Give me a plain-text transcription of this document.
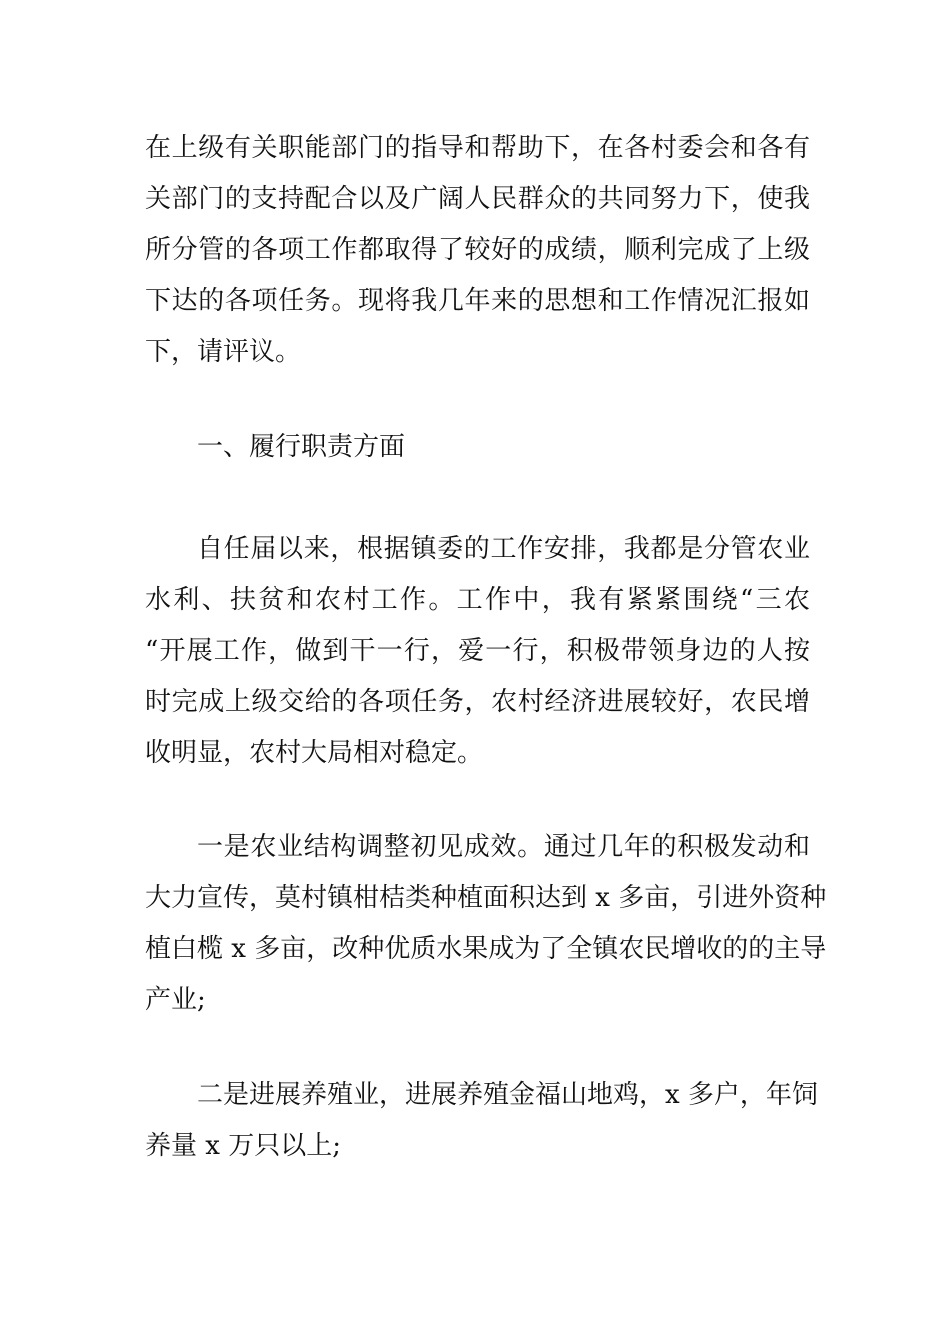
在上级有关职能部门的指导和帮助下，在各村委会和各有
关部门的支持配合以及广阔人民群众的共同努力下，使我
所分管的各项工作都取得了较好的成绩，顺利完成了上级
下达的各项任务。现将我几年来的思想和工作情况汇报如
下，请评议。
一、履行职责方面
自任届以来，根据镇委的工作安排，我都是分管农业
水利、扶贫和农村工作。工作中，我有紧紧围绕“三农
“开展工作，做到干一行，爱一行，积极带领身边的人按
时完成上级交给的各项任务，农村经济进展较好，农民增
收明显，农村大局相对稳定。
一是农业结构调整初见成效。通过几年的积极发动和
大力宣传，莫村镇柑桔类种植面积达到 x 多亩，引进外资种
植白榄 x 多亩，改种优质水果成为了全镇农民增收的的主导
产业;
二是进展养殖业，进展养殖金福山地鸡，x 多户，年饲
养量 x 万只以上;
